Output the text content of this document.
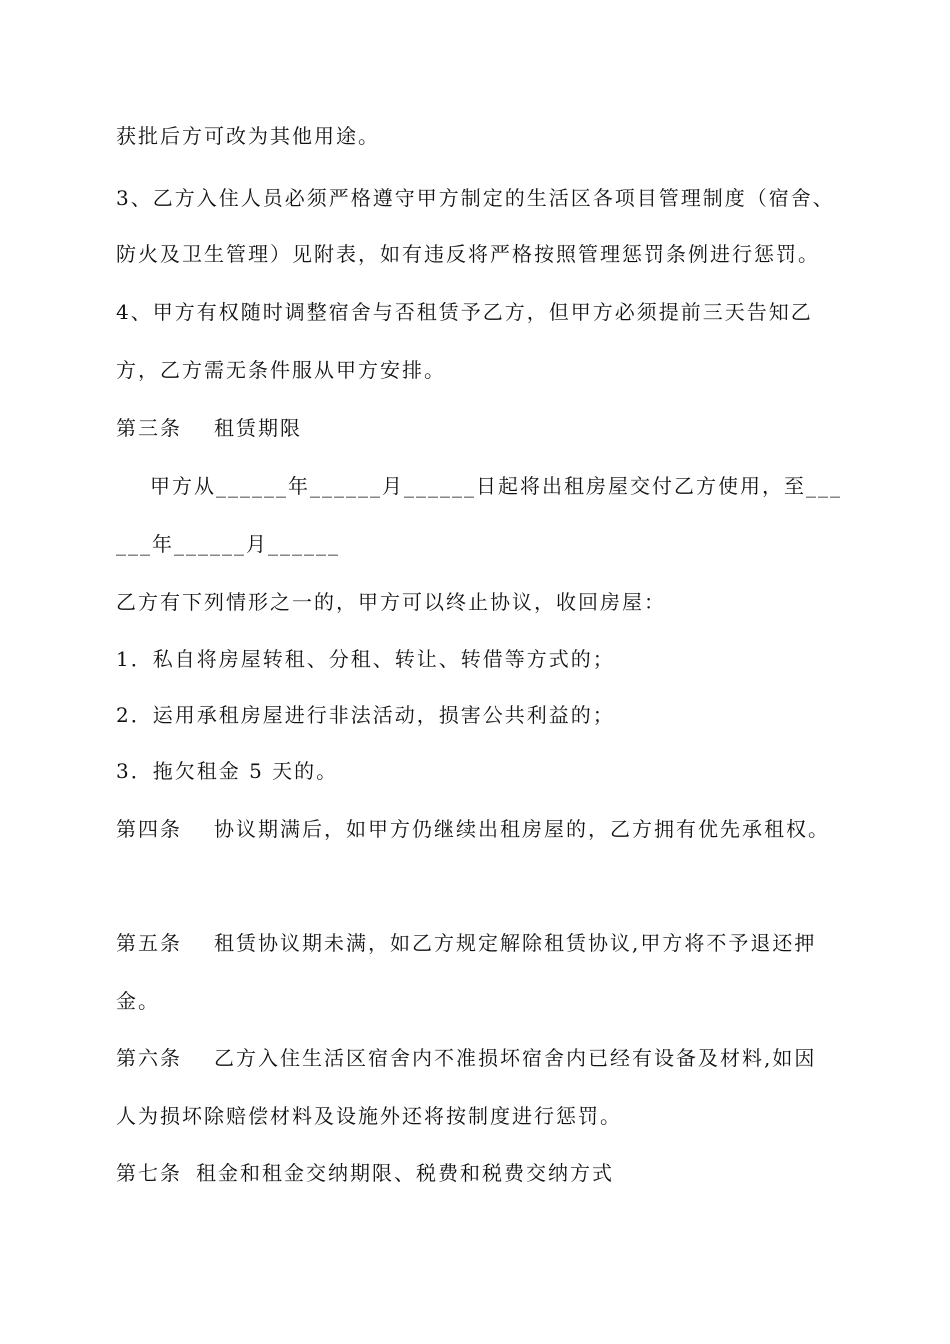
获批后方可改为其他用途。
3、乙方入住人员必须严格遵守甲方制定的生活区各项目管理制度（宿舍、
防火及卫生管理）见附表，如有违反将严格按照管理惩罚条例进行惩罚。
4、甲方有权随时调整宿舍与否租赁予乙方，但甲方必须提前三天告知乙
方，乙方需无条件服从甲方安排。
第三条 租赁期限
甲方从______年______月______日起将出租房屋交付乙方使用，至___
___年______月______
乙方有下列情形之一的，甲方可以终止协议，收回房屋：
1．私自将房屋转租、分租、转让、转借等方式的；
2．运用承租房屋进行非法活动，损害公共利益的；
3．拖欠租金 5 天的。
第四条 协议期满后，如甲方仍继续出租房屋的，乙方拥有优先承租权。
第五条 租赁协议期未满，如乙方规定解除租赁协议,甲方将不予退还押
金。
第六条 乙方入住生活区宿舍内不准损坏宿舍内已经有设备及材料,如因
人为损坏除赔偿材料及设施外还将按制度进行惩罚。
第七条 租金和租金交纳期限、税费和税费交纳方式
